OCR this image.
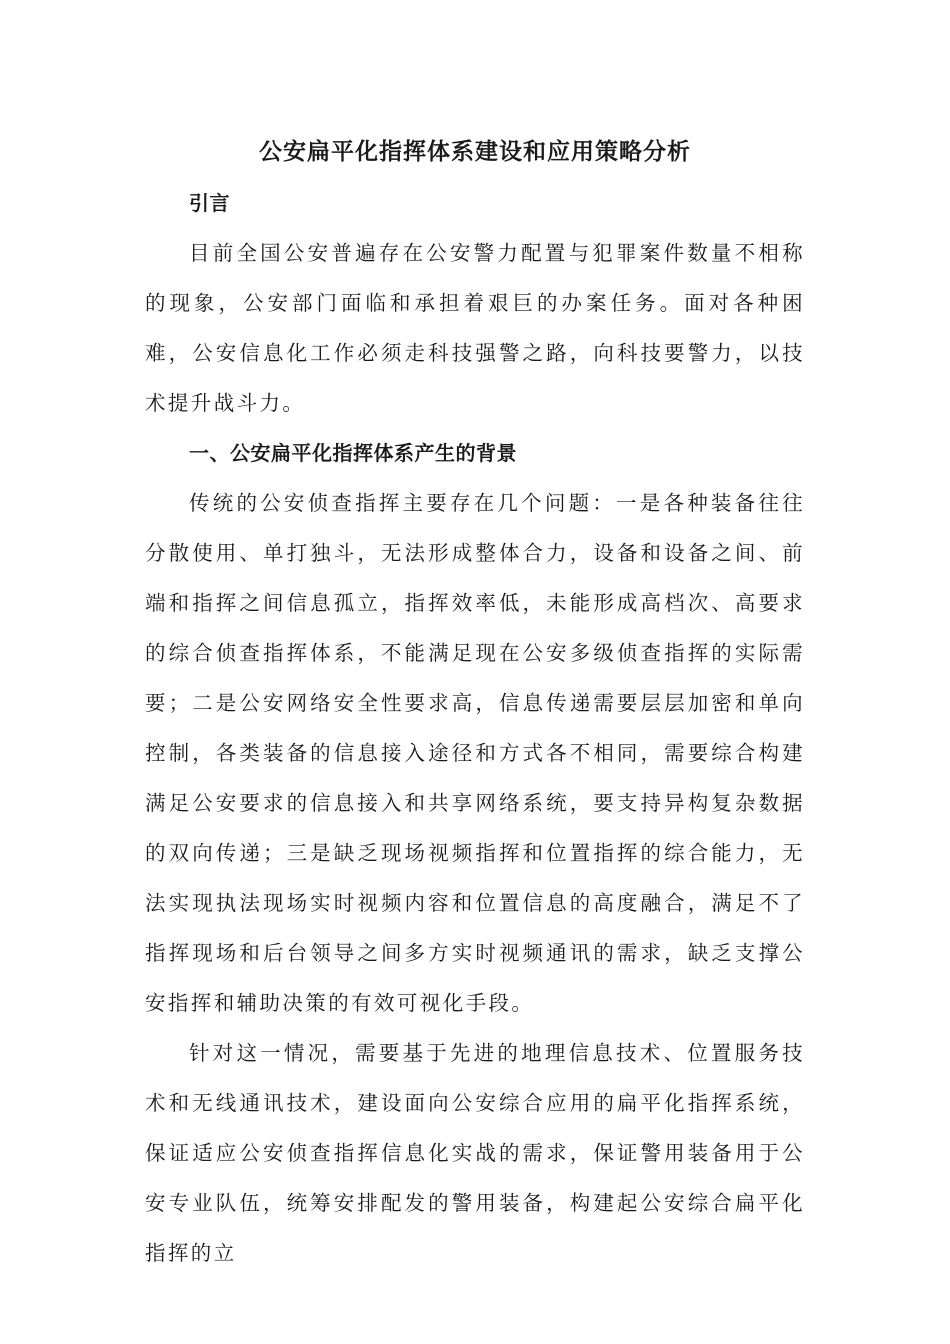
公安扁平化指挥体系建设和应用策略分析
引言

目前全国公安普遍存在公安警力配置与犯罪案件数量不相称的现象，公安部门面临和承担着艰巨的办案任务。面对各种困难，公安信息化工作必须走科技强警之路，向科技要警力，以技术提升战斗力。

一、公安扁平化指挥体系产生的背景

传统的公安侦查指挥主要存在几个问题：一是各种装备往往分散使用、单打独斗，无法形成整体合力，设备和设备之间、前端和指挥之间信息孤立，指挥效率低，未能形成高档次、高要求的综合侦查指挥体系，不能满足现在公安多级侦查指挥的实际需要；二是公安网络安全性要求高，信息传递需要层层加密和单向控制，各类装备的信息接入途径和方式各不相同，需要综合构建满足公安要求的信息接入和共享网络系统，要支持异构复杂数据的双向传递；三是缺乏现场视频指挥和位置指挥的综合能力，无法实现执法现场实时视频内容和位置信息的高度融合，满足不了指挥现场和后台领导之间多方实时视频通讯的需求，缺乏支撑公安指挥和辅助决策的有效可视化手段。

针对这一情况，需要基于先进的地理信息技术、位置服务技术和无线通讯技术，建设面向公安综合应用的扁平化指挥系统，保证适应公安侦查指挥信息化实战的需求，保证警用装备用于公安专业队伍，统筹安排配发的警用装备，构建起公安综合扁平化指挥的立
